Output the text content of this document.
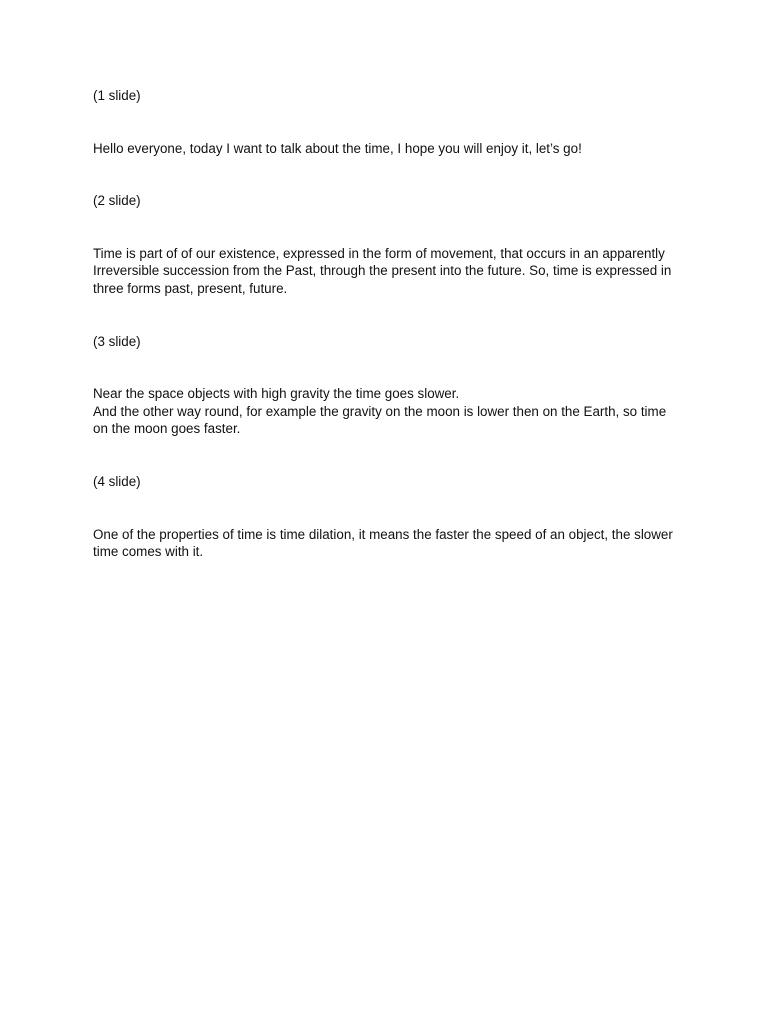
(1 slide)

Hello everyone, today I want to talk about the time, I hope you will enjoy it, let’s go!

(2 slide)

Time is part of of our existence, expressed in the form of movement, that occurs in an apparently  Irreversible succession from the Past, through the present into the future. So, time is expressed in three forms past, present, future.

(3 slide)

Near the space objects with high gravity the time goes slower.
And the other way round, for example the gravity on the moon is lower then on the Earth, so time on the moon goes faster.

(4 slide)

One of the properties of time is time dilation, it means the faster the speed of an object, the slower time comes with it.
